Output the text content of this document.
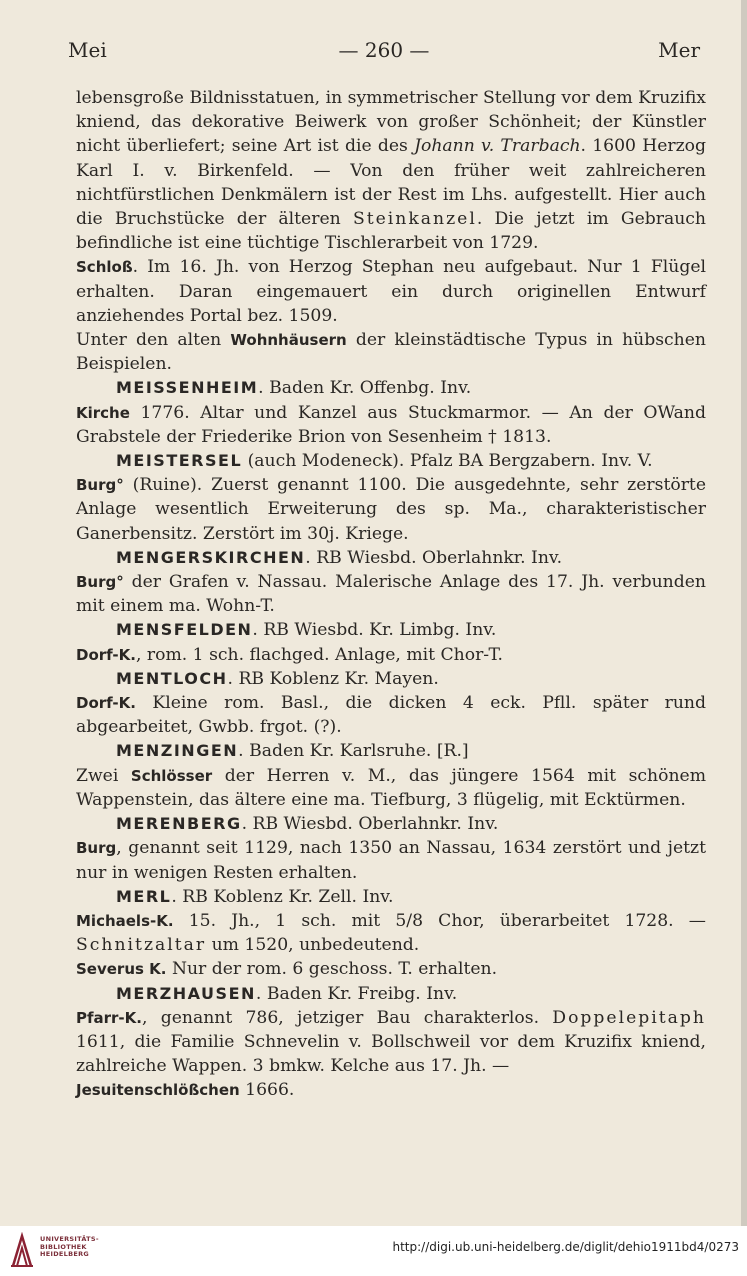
Mei	— 260 —	Mer
lebensgroße Bildnisstatuen, in symmetrischer Stellung vor dem Kruzifix kniend, das dekorative Beiwerk von großer Schönheit; der Künstler nicht überliefert; seine Art ist die des Johann v. Trarbach. 1600 Herzog Karl I. v. Birkenfeld. — Von den früher weit zahlreicheren nichtfürstlichen Denkmälern ist der Rest im Lhs. aufgestellt. Hier auch die Bruchstücke der älteren Steinkanzel. Die jetzt im Gebrauch befindliche ist eine tüchtige Tischlerarbeit von 1729.
Schloß. Im 16. Jh. von Herzog Stephan neu aufgebaut. Nur 1 Flügel erhalten. Daran eingemauert ein durch originellen Entwurf anziehendes Portal bez. 1509.
Unter den alten Wohnhäusern der kleinstädtische Typus in hübschen Beispielen.
MEISSENHEIM. Baden Kr. Offenbg. Inv.
Kirche 1776. Altar und Kanzel aus Stuckmarmor. — An der OWand Grabstele der Friederike Brion von Sesenheim † 1813.
MEISTERSEL (auch Modeneck). Pfalz BA Bergzabern. Inv. V.
Burg° (Ruine). Zuerst genannt 1100. Die ausgedehnte, sehr zerstörte Anlage wesentlich Erweiterung des sp. Ma., charakteristischer Ganerbensitz. Zerstört im 30j. Kriege.
MENGERSKIRCHEN. RB Wiesbd. Oberlahnkr. Inv.
Burg° der Grafen v. Nassau. Malerische Anlage des 17. Jh. verbunden mit einem ma. Wohn-T.
MENSFELDEN. RB Wiesbd. Kr. Limbg. Inv.
Dorf-K., rom. 1 sch. flachged. Anlage, mit Chor-T.
MENTLOCH. RB Koblenz Kr. Mayen.
Dorf-K. Kleine rom. Basl., die dicken 4 eck. Pfll. später rund abgearbeitet, Gwbb. frgot. (?).
MENZINGEN. Baden Kr. Karlsruhe. [R.]
Zwei Schlösser der Herren v. M., das jüngere 1564 mit schönem Wappenstein, das ältere eine ma. Tiefburg, 3 flügelig, mit Ecktürmen.
MERENBERG. RB Wiesbd. Oberlahnkr. Inv.
Burg, genannt seit 1129, nach 1350 an Nassau, 1634 zerstört und jetzt nur in wenigen Resten erhalten.
MERL. RB Koblenz Kr. Zell. Inv.
Michaels-K. 15. Jh., 1 sch. mit 5/8 Chor, überarbeitet 1728. — Schnitzaltar um 1520, unbedeutend.
Severus K. Nur der rom. 6 geschoss. T. erhalten.
MERZHAUSEN. Baden Kr. Freibg. Inv.
Pfarr-K., genannt 786, jetziger Bau charakterlos. Doppelepitaph 1611, die Familie Schnevelin v. Bollschweil vor dem Kruzifix kniend, zahlreiche Wappen. 3 bmkw. Kelche aus 17. Jh. —
Jesuitenschlößchen 1666.
UNIVERSITÄTS-
BIBLIOTHEK
HEIDELBERG	http://digi.ub.uni-heidelberg.de/diglit/dehio1911bd4/0273
